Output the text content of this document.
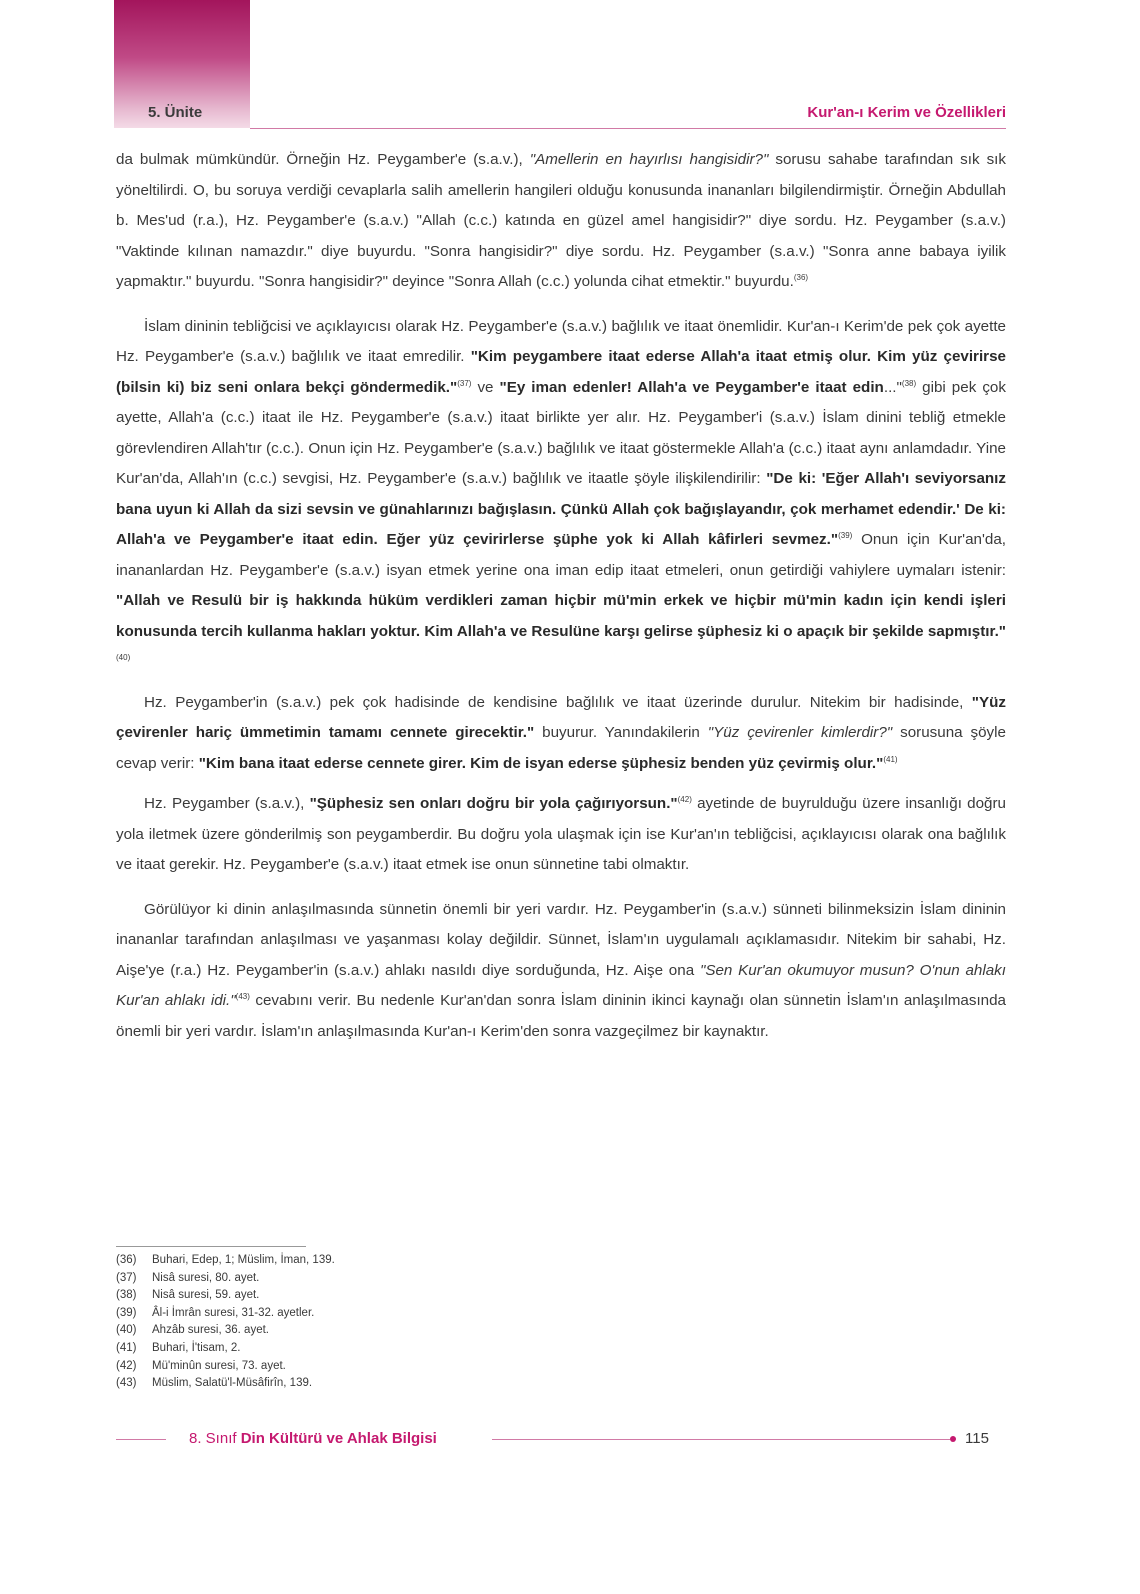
5. Ünite	Kur'an-ı Kerim ve Özellikleri

da bulmak mümkündür. Örneğin Hz. Peygamber'e (s.a.v.), "Amellerin en hayırlısı hangisidir?" sorusu sahabe tarafından sık sık yöneltilirdi. O, bu soruya verdiği cevaplarla salih amellerin hangileri olduğu konusunda inananları bilgilendirmiştir. Örneğin Abdullah b. Mes'ud (r.a.), Hz. Peygamber'e (s.a.v.) "Allah (c.c.) katında en güzel amel hangisidir?" diye sordu. Hz. Peygamber (s.a.v.) "Vaktinde kılınan namazdır." diye buyurdu. "Sonra hangisidir?" diye sordu. Hz. Peygamber (s.a.v.) "Sonra anne babaya iyilik yapmaktır." buyurdu. "Sonra hangisidir?" deyince "Sonra Allah (c.c.) yolunda cihat etmektir." buyurdu.$^{(36)}$

İslam dininin tebliğcisi ve açıklayıcısı olarak Hz. Peygamber'e (s.a.v.) bağlılık ve itaat önemlidir. Kur'an-ı Kerim'de pek çok ayette Hz. Peygamber'e (s.a.v.) bağlılık ve itaat emredilir. "Kim peygambere itaat ederse Allah'a itaat etmiş olur. Kim yüz çevirirse (bilsin ki) biz seni onlara bekçi göndermedik."$^{(37)}$ ve "Ey iman edenler! Allah'a ve Peygamber'e itaat edin..."$^{(38)}$ gibi pek çok ayette, Allah'a (c.c.) itaat ile Hz. Peygamber'e (s.a.v.) itaat birlikte yer alır. Hz. Peygamber'i (s.a.v.) İslam dinini tebliğ etmekle görevlendiren Allah'tır (c.c.). Onun için Hz. Peygamber'e (s.a.v.) bağlılık ve itaat göstermekle Allah'a (c.c.) itaat aynı anlamdadır. Yine Kur'an'da, Allah'ın (c.c.) sevgisi, Hz. Peygamber'e (s.a.v.) bağlılık ve itaatle şöyle ilişkilendirilir: "De ki: 'Eğer Allah'ı seviyorsanız bana uyun ki Allah da sizi sevsin ve günahlarınızı bağışlasın. Çünkü Allah çok bağışlayandır, çok merhamet edendir.' De ki: Allah'a ve Peygamber'e itaat edin. Eğer yüz çevirirlerse şüphe yok ki Allah kâfirleri sevmez."$^{(39)}$ Onun için Kur'an'da, inananlardan Hz. Peygamber'e (s.a.v.) isyan etmek yerine ona iman edip itaat etmeleri, onun getirdiği vahiylere uymaları istenir: "Allah ve Resulü bir iş hakkında hüküm verdikleri zaman hiçbir mü'min erkek ve hiçbir mü'min kadın için kendi işleri konusunda tercih kullanma hakları yoktur. Kim Allah'a ve Resulüne karşı gelirse şüphesiz ki o apaçık bir şekilde sapmıştır."$^{(40)}$

Hz. Peygamber'in (s.a.v.) pek çok hadisinde de kendisine bağlılık ve itaat üzerinde durulur. Nitekim bir hadisinde, "Yüz çevirenler hariç ümmetimin tamamı cennete girecektir." buyurur. Yanındakilerin "Yüz çevirenler kimlerdir?" sorusuna şöyle cevap verir: "Kim bana itaat ederse cennete girer. Kim de isyan ederse şüphesiz benden yüz çevirmiş olur."$^{(41)}$

Hz. Peygamber (s.a.v.), "Şüphesiz sen onları doğru bir yola çağırıyorsun."$^{(42)}$ ayetinde de buyrulduğu üzere insanlığı doğru yola iletmek üzere gönderilmiş son peygamberdir. Bu doğru yola ulaşmak için ise Kur'an'ın tebliğcisi, açıklayıcısı olarak ona bağlılık ve itaat gerekir. Hz. Peygamber'e (s.a.v.) itaat etmek ise onun sünnetine tabi olmaktır.

Görülüyor ki dinin anlaşılmasında sünnetin önemli bir yeri vardır. Hz. Peygamber'in (s.a.v.) sünneti bilinmeksizin İslam dininin inananlar tarafından anlaşılması ve yaşanması kolay değildir. Sünnet, İslam'ın uygulamalı açıklamasıdır. Nitekim bir sahabi, Hz. Aişe'ye (r.a.) Hz. Peygamber'in (s.a.v.) ahlakı nasıldı diye sorduğunda, Hz. Aişe ona "Sen Kur'an okumuyor musun? O'nun ahlakı Kur'an ahlakı idi."$^{(43)}$ cevabını verir. Bu nedenle Kur'an'dan sonra İslam dininin ikinci kaynağı olan sünnetin İslam'ın anlaşılmasında önemli bir yeri vardır. İslam'ın anlaşılmasında Kur'an-ı Kerim'den sonra vazgeçilmez bir kaynaktır.

(36) Buhari, Edep, 1; Müslim, İman, 139.
(37) Nisâ suresi, 80. ayet.
(38) Nisâ suresi, 59. ayet.
(39) Âl-i İmrân suresi, 31-32. ayetler.
(40) Ahzâb suresi, 36. ayet.
(41) Buhari, İ'tisam, 2.
(42) Mü'minûn suresi, 73. ayet.
(43) Müslim, Salatü'l-Müsâfirîn, 139.
8. Sınıf Din Kültürü ve Ahlak Bilgisi	115
